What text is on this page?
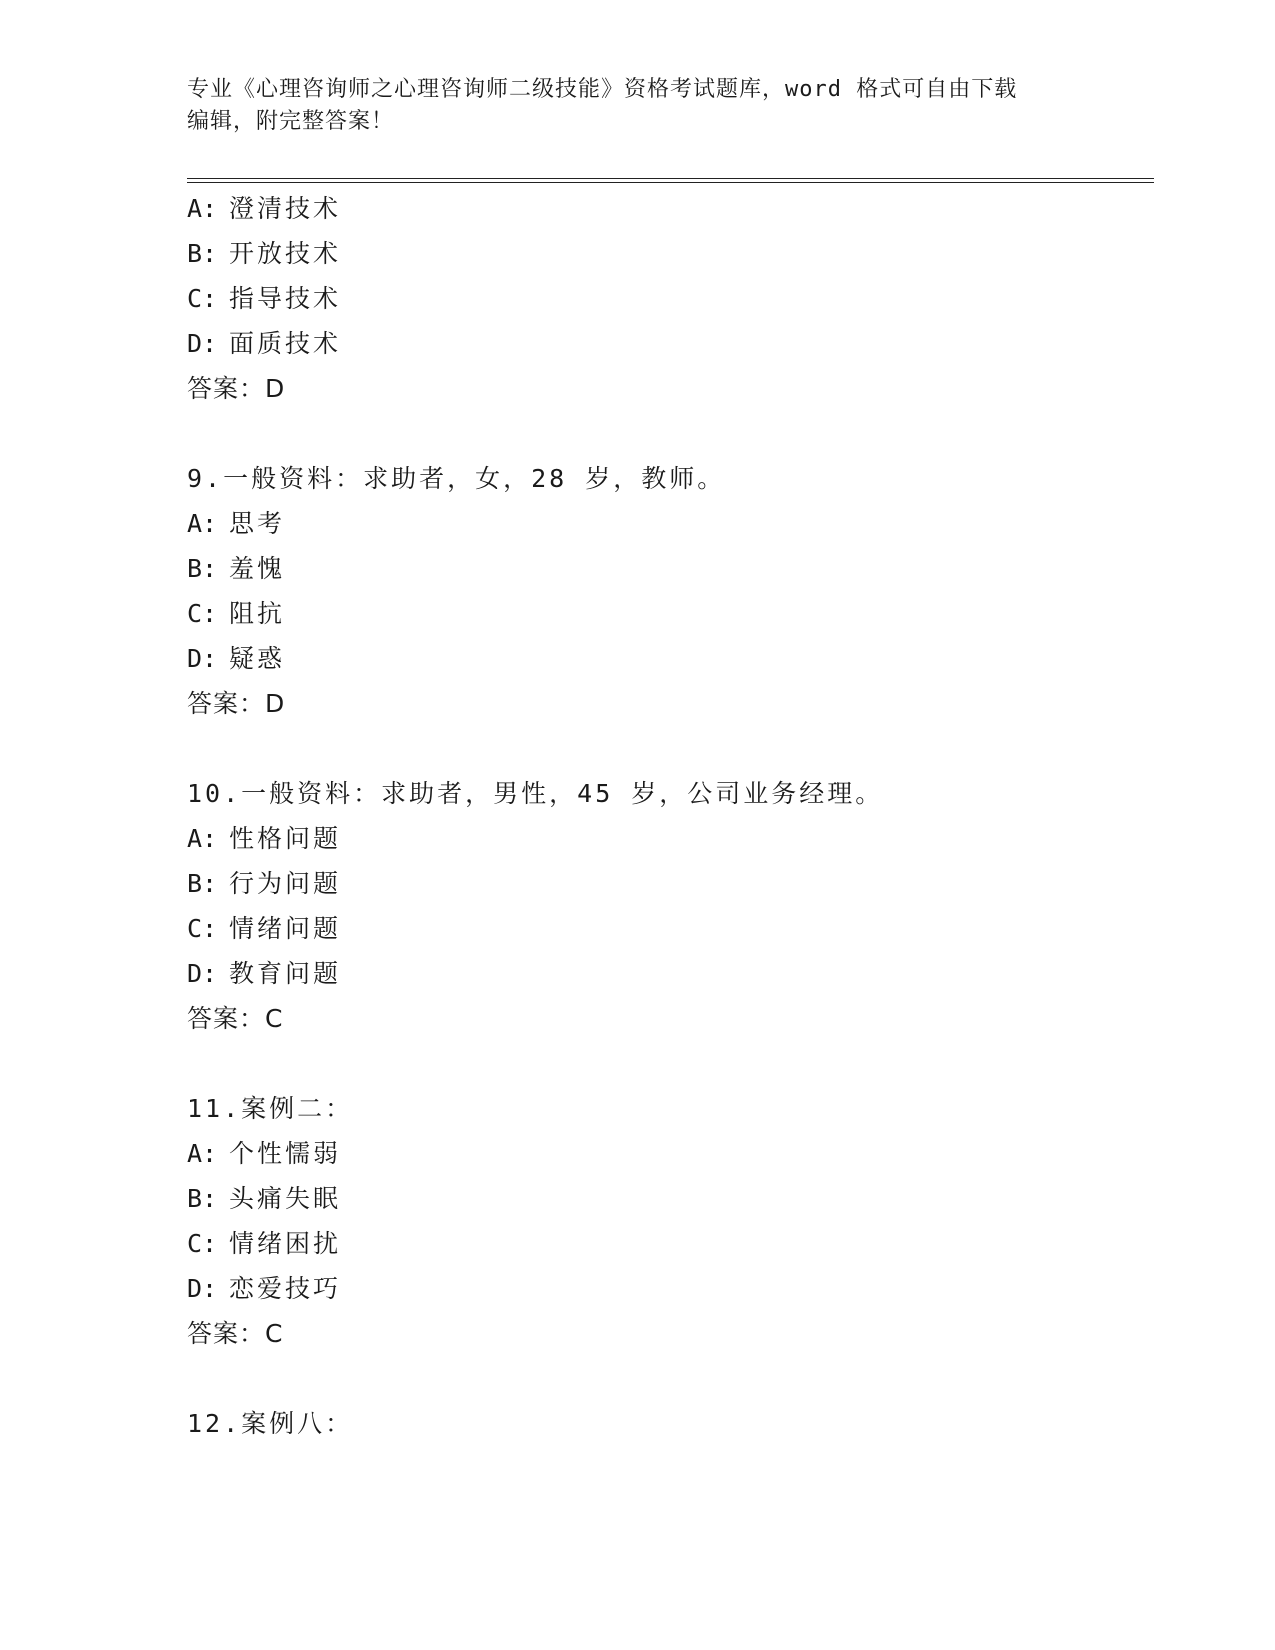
专业《心理咨询师之心理咨询师二级技能》资格考试题库，word 格式可自由下载
编辑，附完整答案！
A: 澄清技术
B: 开放技术
C: 指导技术
D: 面质技术
答案：D
9.一般资料：求助者，女，28 岁，教师。
A: 思考
B: 羞愧
C: 阻抗
D: 疑惑
答案：D
10.一般资料：求助者，男性，45 岁，公司业务经理。
A: 性格问题
B: 行为问题
C: 情绪问题
D: 教育问题
答案：C
11.案例二：
A: 个性懦弱
B: 头痛失眠
C: 情绪困扰
D: 恋爱技巧
答案：C
12.案例八：
